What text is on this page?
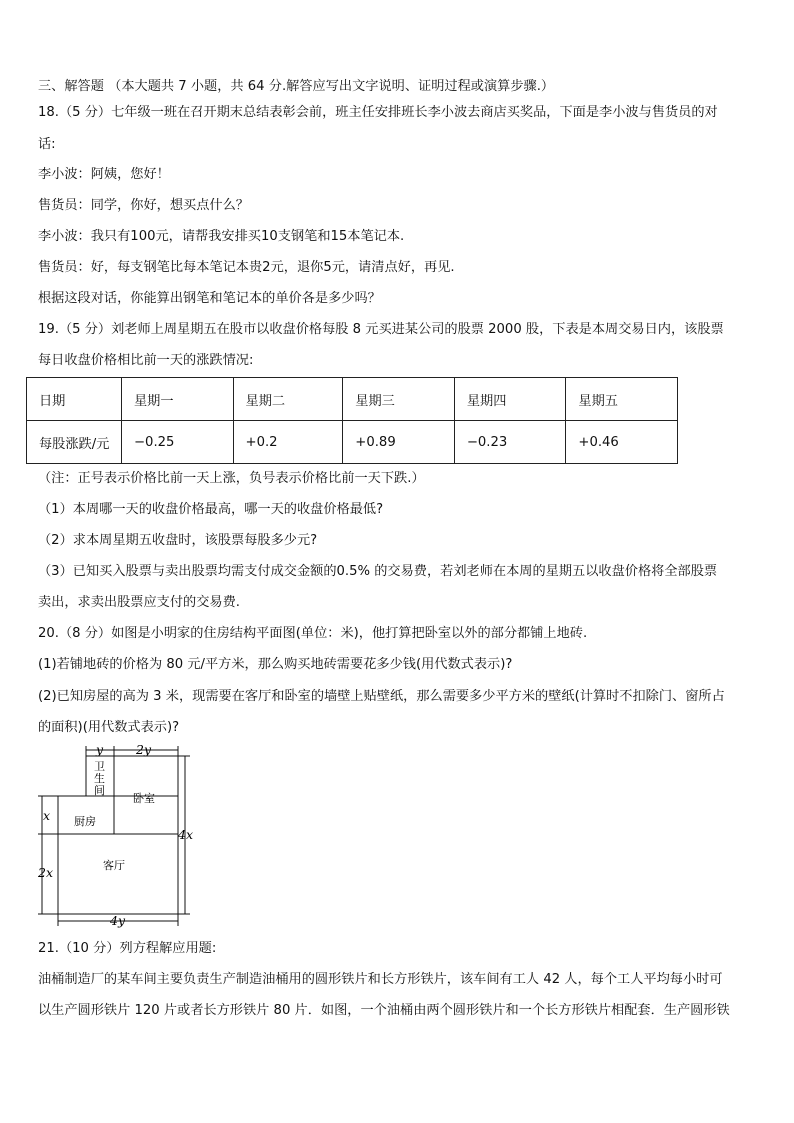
三、解答题 （本大题共 7 小题，共 64 分.解答应写出文字说明、证明过程或演算步骤.）
18.（5 分）七年级一班在召开期末总结表彰会前，班主任安排班长李小波去商店买奖品，下面是李小波与售货员的对
话:
李小波：阿姨，您好！
售货员：同学，你好，想买点什么？
李小波：我只有100元，请帮我安排买10支钢笔和15本笔记本.
售货员：好，每支钢笔比每本笔记本贵2元，退你5元，请清点好，再见.
根据这段对话，你能算出钢笔和笔记本的单价各是多少吗？
19.（5 分）刘老师上周星期五在股市以收盘价格每股 8 元买进某公司的股票 2000 股，下表是本周交易日内，该股票
每日收盘价格相比前一天的涨跌情况:
日期	星期一	星期二	星期三	星期四	星期五
每股涨跌/元	−0.25	+0.2	+0.89	−0.23	+0.46
（注：正号表示价格比前一天上涨，负号表示价格比前一天下跌.）
（1）本周哪一天的收盘价格最高，哪一天的收盘价格最低?
（2）求本周星期五收盘时，该股票每股多少元?
（3）已知买入股票与卖出股票均需支付成交金额的0.5% 的交易费，若刘老师在本周的星期五以收盘价格将全部股票
卖出，求卖出股票应支付的交易费.
20.（8 分）如图是小明家的住房结构平面图(单位：米)，他打算把卧室以外的部分都铺上地砖.
(1)若铺地砖的价格为 80 元/平方米，那么购买地砖需要花多少钱(用代数式表示)?
(2)已知房屋的高为 3 米，现需要在客厅和卧室的墙壁上贴壁纸，那么需要多少平方米的壁纸(计算时不扣除门、窗所占
的面积)(用代数式表示)?
y	2y
x
2x
4x
4y
卫
生
间
卧室
厨房
客厅
21.（10 分）列方程解应用题:
油桶制造厂的某车间主要负责生产制造油桶用的圆形铁片和长方形铁片，该车间有工人 42 人，每个工人平均每小时可
以生产圆形铁片 120 片或者长方形铁片 80 片．如图，一个油桶由两个圆形铁片和一个长方形铁片相配套．生产圆形铁
